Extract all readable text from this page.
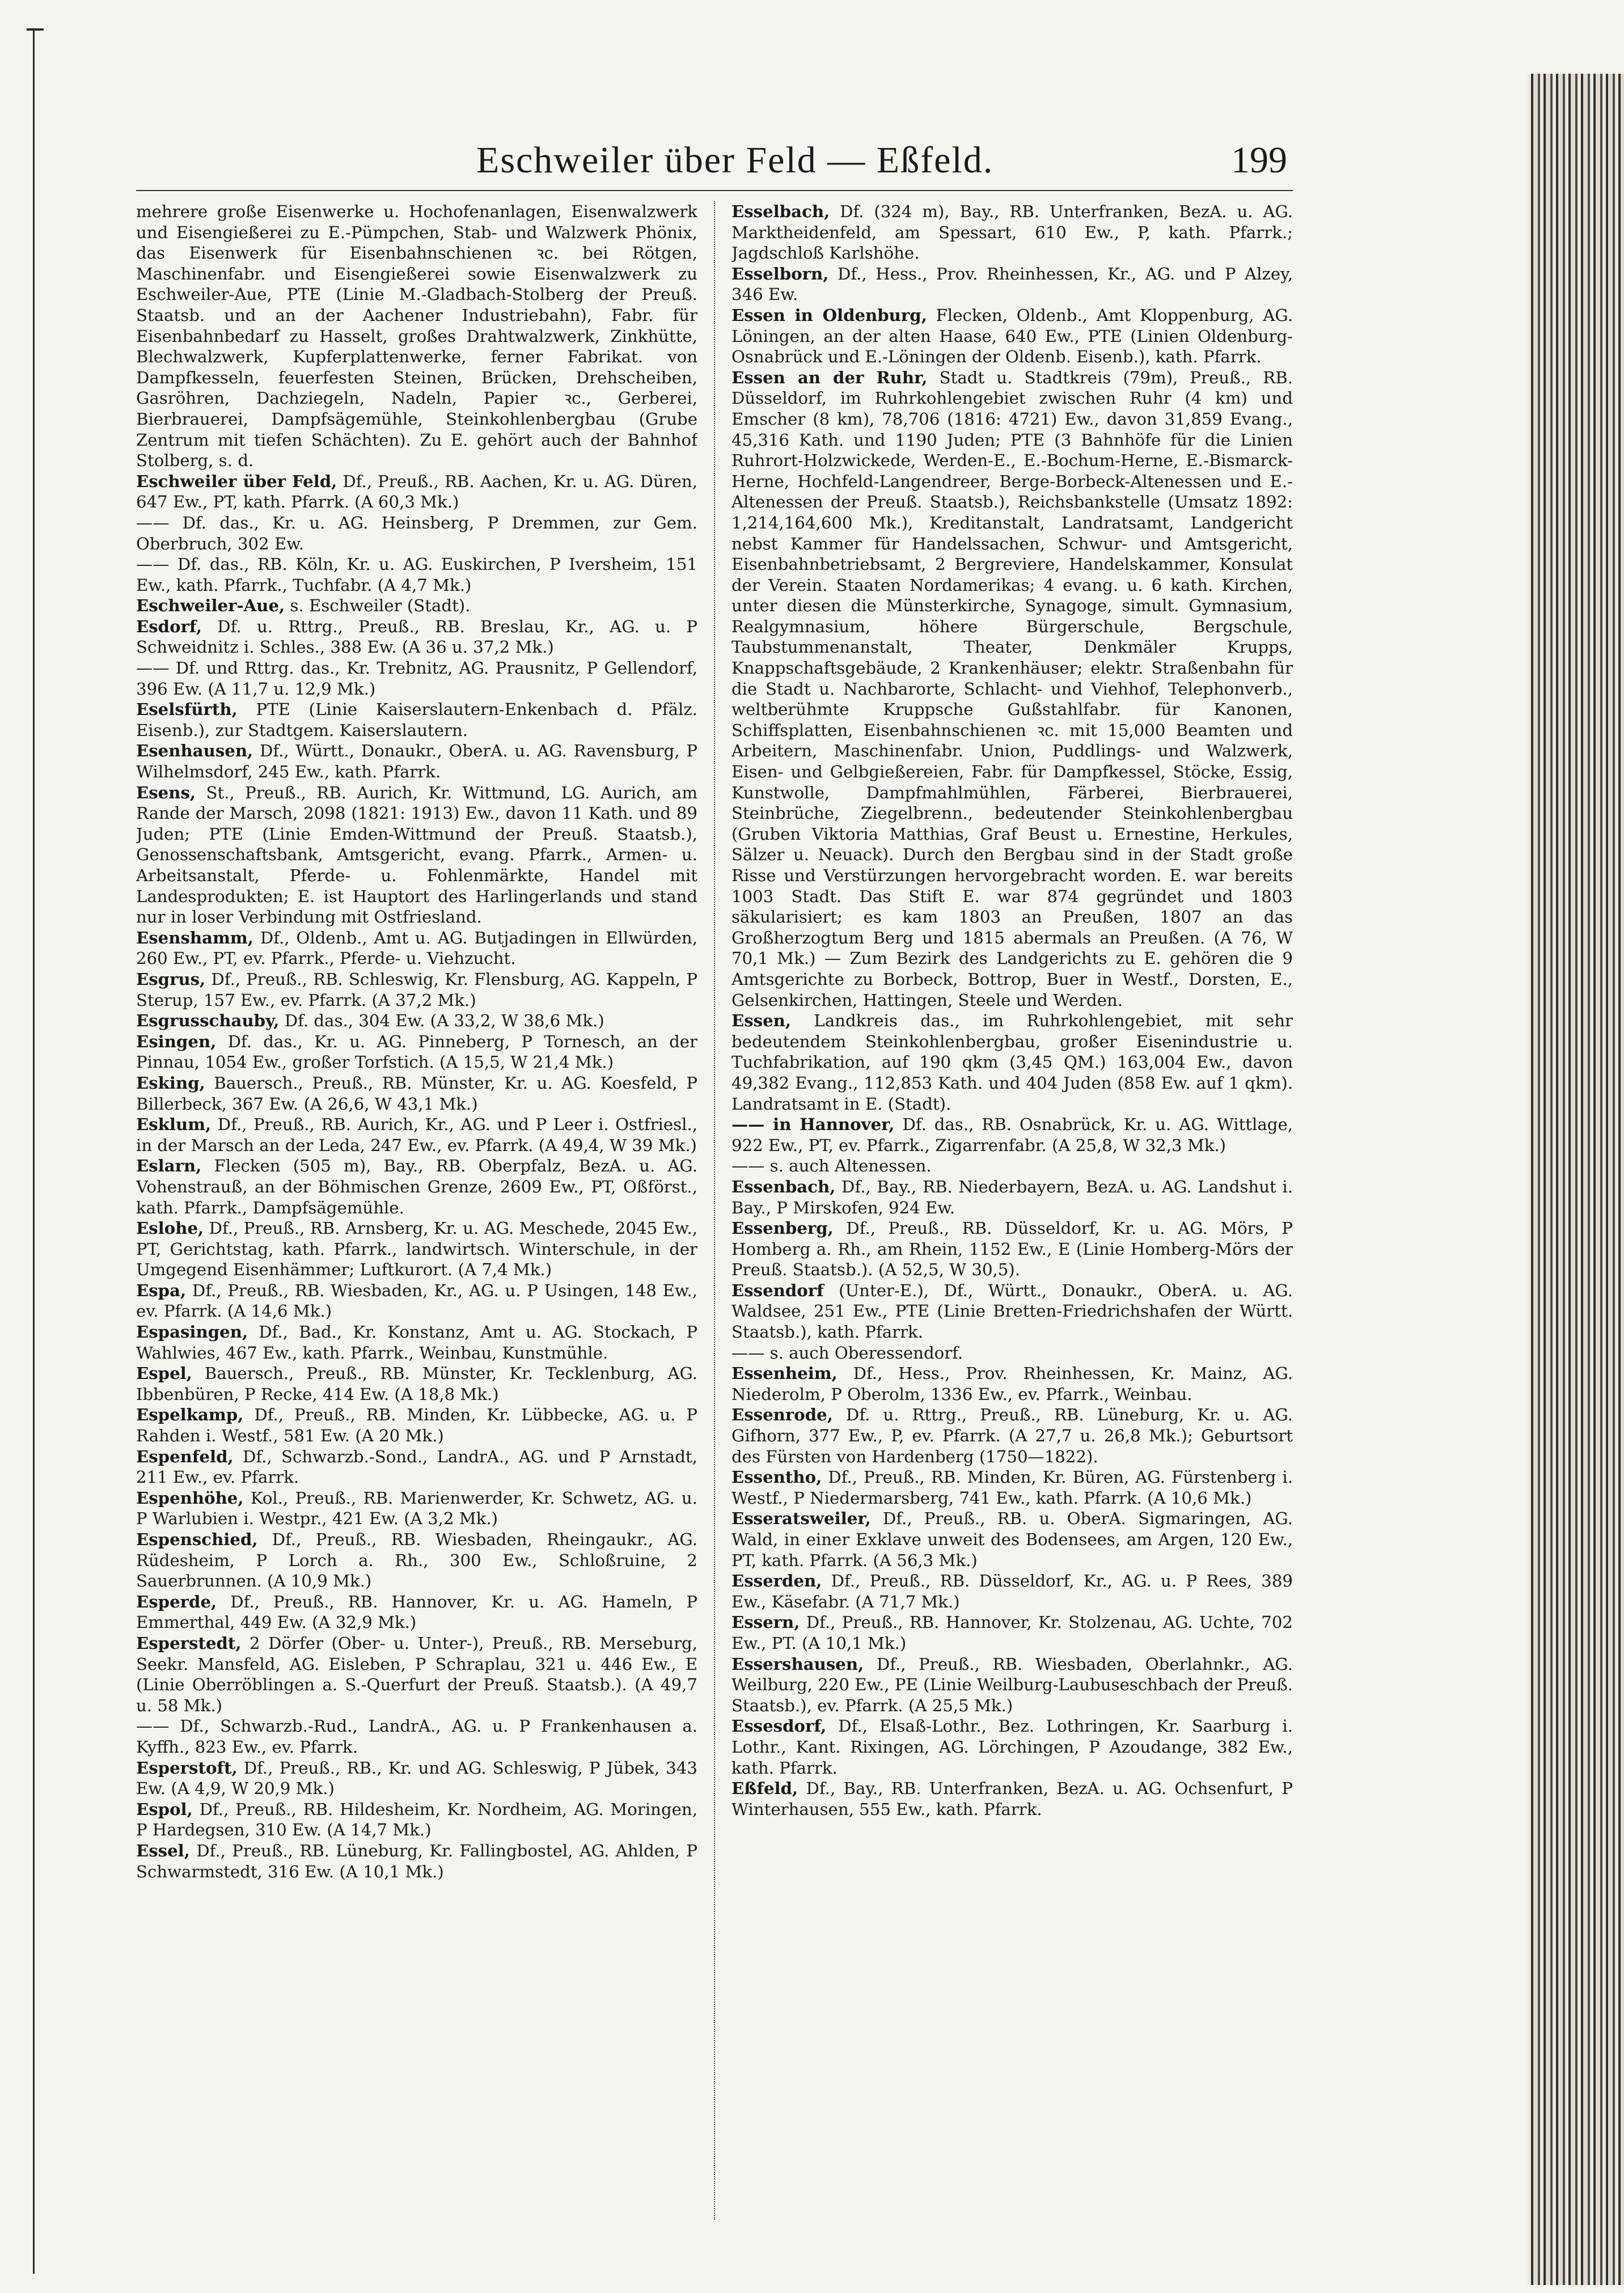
Eschweiler über Feld — Eßfeld.	199

mehrere große Eisenwerke u. Hochofenanlagen, Eisenwalzwerk und Eisengießerei zu E.-Pümpchen, Stab- und Walzwerk Phönix, das Eisenwerk für Eisenbahnschienen ꝛc. bei Rötgen, Maschinenfabr. und Eisengießerei sowie Eisenwalzwerk zu Eschweiler-Aue, PTE (Linie M.-Gladbach-Stolberg der Preuß. Staatsb. und an der Aachener Industriebahn), Fabr. für Eisenbahnbedarf zu Hasselt, großes Drahtwalzwerk, Zinkhütte, Blechwalzwerk, Kupferplattenwerke, ferner Fabrikat. von Dampfkesseln, feuerfesten Steinen, Brücken, Drehscheiben, Gasröhren, Dachziegeln, Nadeln, Papier ꝛc., Gerberei, Bierbrauerei, Dampfsägemühle, Steinkohlenbergbau (Grube Zentrum mit tiefen Schächten). Zu E. gehört auch der Bahnhof Stolberg, s. d.

Eschweiler über Feld, Df., Preuß., RB. Aachen, Kr. u. AG. Düren, 647 Ew., PT, kath. Pfarrk. (A 60,3 Mk.)

—— Df. das., Kr. u. AG. Heinsberg, P Dremmen, zur Gem. Oberbruch, 302 Ew.

—— Df. das., RB. Köln, Kr. u. AG. Euskirchen, P Iversheim, 151 Ew., kath. Pfarrk., Tuchfabr. (A 4,7 Mk.)

Eschweiler-Aue, s. Eschweiler (Stadt).

Esdorf, Df. u. Rttrg., Preuß., RB. Breslau, Kr., AG. u. P Schweidnitz i. Schles., 388 Ew. (A 36 u. 37,2 Mk.)

—— Df. und Rttrg. das., Kr. Trebnitz, AG. Prausnitz, P Gellendorf, 396 Ew. (A 11,7 u. 12,9 Mk.)

Eselsfürth, PTE (Linie Kaiserslautern-Enkenbach d. Pfälz. Eisenb.), zur Stadtgem. Kaiserslautern.

Esenhausen, Df., Württ., Donaukr., OberA. u. AG. Ravensburg, P Wilhelmsdorf, 245 Ew., kath. Pfarrk.

Esens, St., Preuß., RB. Aurich, Kr. Wittmund, LG. Aurich, am Rande der Marsch, 2098 (1821: 1913) Ew., davon 11 Kath. und 89 Juden; PTE (Linie Emden-Wittmund der Preuß. Staatsb.), Genossenschaftsbank, Amtsgericht, evang. Pfarrk., Armen- u. Arbeitsanstalt, Pferde- u. Fohlenmärkte, Handel mit Landesprodukten; E. ist Hauptort des Harlingerlands und stand nur in loser Verbindung mit Ostfriesland.

Esenshamm, Df., Oldenb., Amt u. AG. Butjadingen in Ellwürden, 260 Ew., PT, ev. Pfarrk., Pferde- u. Viehzucht.

Esgrus, Df., Preuß., RB. Schleswig, Kr. Flensburg, AG. Kappeln, P Sterup, 157 Ew., ev. Pfarrk. (A 37,2 Mk.)

Esgrusschauby, Df. das., 304 Ew. (A 33,2, W 38,6 Mk.)

Esingen, Df. das., Kr. u. AG. Pinneberg, P Tornesch, an der Pinnau, 1054 Ew., großer Torfstich. (A 15,5, W 21,4 Mk.)

Esking, Bauersch., Preuß., RB. Münster, Kr. u. AG. Koesfeld, P Billerbeck, 367 Ew. (A 26,6, W 43,1 Mk.)

Esklum, Df., Preuß., RB. Aurich, Kr., AG. und P Leer i. Ostfriesl., in der Marsch an der Leda, 247 Ew., ev. Pfarrk. (A 49,4, W 39 Mk.)

Eslarn, Flecken (505 m), Bay., RB. Oberpfalz, BezA. u. AG. Vohenstrauß, an der Böhmischen Grenze, 2609 Ew., PT, Oßförst., kath. Pfarrk., Dampfsägemühle.

Eslohe, Df., Preuß., RB. Arnsberg, Kr. u. AG. Meschede, 2045 Ew., PT, Gerichtstag, kath. Pfarrk., landwirtsch. Winterschule, in der Umgegend Eisenhämmer; Luftkurort. (A 7,4 Mk.)

Espa, Df., Preuß., RB. Wiesbaden, Kr., AG. u. P Usingen, 148 Ew., ev. Pfarrk. (A 14,6 Mk.)

Espasingen, Df., Bad., Kr. Konstanz, Amt u. AG. Stockach, P Wahlwies, 467 Ew., kath. Pfarrk., Weinbau, Kunstmühle.

Espel, Bauersch., Preuß., RB. Münster, Kr. Tecklenburg, AG. Ibbenbüren, P Recke, 414 Ew. (A 18,8 Mk.)

Espelkamp, Df., Preuß., RB. Minden, Kr. Lübbecke, AG. u. P Rahden i. Westf., 581 Ew. (A 20 Mk.)

Espenfeld, Df., Schwarzb.-Sond., LandrA., AG. und P Arnstadt, 211 Ew., ev. Pfarrk.

Espenhöhe, Kol., Preuß., RB. Marienwerder, Kr. Schwetz, AG. u. P Warlubien i. Westpr., 421 Ew. (A 3,2 Mk.)

Espenschied, Df., Preuß., RB. Wiesbaden, Rheingaukr., AG. Rüdesheim, P Lorch a. Rh., 300 Ew., Schloßruine, 2 Sauerbrunnen. (A 10,9 Mk.)

Esperde, Df., Preuß., RB. Hannover, Kr. u. AG. Hameln, P Emmerthal, 449 Ew. (A 32,9 Mk.)

Esperstedt, 2 Dörfer (Ober- u. Unter-), Preuß., RB. Merseburg, Seekr. Mansfeld, AG. Eisleben, P Schraplau, 321 u. 446 Ew., E (Linie Oberröblingen a. S.-Querfurt der Preuß. Staatsb.). (A 49,7 u. 58 Mk.)

—— Df., Schwarzb.-Rud., LandrA., AG. u. P Frankenhausen a. Kyffh., 823 Ew., ev. Pfarrk.

Esperstoft, Df., Preuß., RB., Kr. und AG. Schleswig, P Jübek, 343 Ew. (A 4,9, W 20,9 Mk.)

Espol, Df., Preuß., RB. Hildesheim, Kr. Nordheim, AG. Moringen, P Hardegsen, 310 Ew. (A 14,7 Mk.)

Essel, Df., Preuß., RB. Lüneburg, Kr. Fallingbostel, AG. Ahlden, P Schwarmstedt, 316 Ew. (A 10,1 Mk.)

Esselbach, Df. (324 m), Bay., RB. Unterfranken, BezA. u. AG. Marktheidenfeld, am Spessart, 610 Ew., P, kath. Pfarrk.; Jagdschloß Karlshöhe.

Esselborn, Df., Hess., Prov. Rheinhessen, Kr., AG. und P Alzey, 346 Ew.

Essen in Oldenburg, Flecken, Oldenb., Amt Kloppenburg, AG. Löningen, an der alten Haase, 640 Ew., PTE (Linien Oldenburg-Osnabrück und E.-Löningen der Oldenb. Eisenb.), kath. Pfarrk.

Essen an der Ruhr, Stadt u. Stadtkreis (79m), Preuß., RB. Düsseldorf, im Ruhrkohlengebiet zwischen Ruhr (4 km) und Emscher (8 km), 78,706 (1816: 4721) Ew., davon 31,859 Evang., 45,316 Kath. und 1190 Juden; PTE (3 Bahnhöfe für die Linien Ruhrort-Holzwickede, Werden-E., E.-Bochum-Herne, E.-Bismarck-Herne, Hochfeld-Langendreer, Berge-Borbeck-Altenessen und E.-Altenessen der Preuß. Staatsb.), Reichsbankstelle (Umsatz 1892: 1,214,164,600 Mk.), Kreditanstalt, Landratsamt, Landgericht nebst Kammer für Handelssachen, Schwur- und Amtsgericht, Eisenbahnbetriebsamt, 2 Bergreviere, Handelskammer, Konsulat der Verein. Staaten Nordamerikas; 4 evang. u. 6 kath. Kirchen, unter diesen die Münsterkirche, Synagoge, simult. Gymnasium, Realgymnasium, höhere Bürgerschule, Bergschule, Taubstummenanstalt, Theater, Denkmäler Krupps, Knappschaftsgebäude, 2 Krankenhäuser; elektr. Straßenbahn für die Stadt u. Nachbarorte, Schlacht- und Viehhof, Telephonverb., weltberühmte Kruppsche Gußstahlfabr. für Kanonen, Schiffsplatten, Eisenbahnschienen ꝛc. mit 15,000 Beamten und Arbeitern, Maschinenfabr. Union, Puddlings- und Walzwerk, Eisen- und Gelbgießereien, Fabr. für Dampfkessel, Stöcke, Essig, Kunstwolle, Dampfmahlmühlen, Färberei, Bierbrauerei, Steinbrüche, Ziegelbrenn., bedeutender Steinkohlenbergbau (Gruben Viktoria Matthias, Graf Beust u. Ernestine, Herkules, Sälzer u. Neuack). Durch den Bergbau sind in der Stadt große Risse und Verstürzungen hervorgebracht worden. E. war bereits 1003 Stadt. Das Stift E. war 874 gegründet und 1803 säkularisiert; es kam 1803 an Preußen, 1807 an das Großherzogtum Berg und 1815 abermals an Preußen. (A 76, W 70,1 Mk.) — Zum Bezirk des Landgerichts zu E. gehören die 9 Amtsgerichte zu Borbeck, Bottrop, Buer in Westf., Dorsten, E., Gelsenkirchen, Hattingen, Steele und Werden.

Essen, Landkreis das., im Ruhrkohlengebiet, mit sehr bedeutendem Steinkohlenbergbau, großer Eisenindustrie u. Tuchfabrikation, auf 190 qkm (3,45 QM.) 163,004 Ew., davon 49,382 Evang., 112,853 Kath. und 404 Juden (858 Ew. auf 1 qkm). Landratsamt in E. (Stadt).

—— in Hannover, Df. das., RB. Osnabrück, Kr. u. AG. Wittlage, 922 Ew., PT, ev. Pfarrk., Zigarrenfabr. (A 25,8, W 32,3 Mk.)

—— s. auch Altenessen.

Essenbach, Df., Bay., RB. Niederbayern, BezA. u. AG. Landshut i. Bay., P Mirskofen, 924 Ew.

Essenberg, Df., Preuß., RB. Düsseldorf, Kr. u. AG. Mörs, P Homberg a. Rh., am Rhein, 1152 Ew., E (Linie Homberg-Mörs der Preuß. Staatsb.). (A 52,5, W 30,5).

Essendorf (Unter-E.), Df., Württ., Donaukr., OberA. u. AG. Waldsee, 251 Ew., PTE (Linie Bretten-Friedrichshafen der Württ. Staatsb.), kath. Pfarrk.

—— s. auch Oberessendorf.

Essenheim, Df., Hess., Prov. Rheinhessen, Kr. Mainz, AG. Niederolm, P Oberolm, 1336 Ew., ev. Pfarrk., Weinbau.

Essenrode, Df. u. Rttrg., Preuß., RB. Lüneburg, Kr. u. AG. Gifhorn, 377 Ew., P, ev. Pfarrk. (A 27,7 u. 26,8 Mk.); Geburtsort des Fürsten von Hardenberg (1750—1822).

Essentho, Df., Preuß., RB. Minden, Kr. Büren, AG. Fürstenberg i. Westf., P Niedermarsberg, 741 Ew., kath. Pfarrk. (A 10,6 Mk.)

Esseratsweiler, Df., Preuß., RB. u. OberA. Sigmaringen, AG. Wald, in einer Exklave unweit des Bodensees, am Argen, 120 Ew., PT, kath. Pfarrk. (A 56,3 Mk.)

Esserden, Df., Preuß., RB. Düsseldorf, Kr., AG. u. P Rees, 389 Ew., Käsefabr. (A 71,7 Mk.)

Essern, Df., Preuß., RB. Hannover, Kr. Stolzenau, AG. Uchte, 702 Ew., PT. (A 10,1 Mk.)

Essershausen, Df., Preuß., RB. Wiesbaden, Oberlahnkr., AG. Weilburg, 220 Ew., PE (Linie Weilburg-Laubuseschbach der Preuß. Staatsb.), ev. Pfarrk. (A 25,5 Mk.)

Essesdorf, Df., Elsaß-Lothr., Bez. Lothringen, Kr. Saarburg i. Lothr., Kant. Rixingen, AG. Lörchingen, P Azoudange, 382 Ew., kath. Pfarrk.

Eßfeld, Df., Bay., RB. Unterfranken, BezA. u. AG. Ochsenfurt, P Winterhausen, 555 Ew., kath. Pfarrk.
